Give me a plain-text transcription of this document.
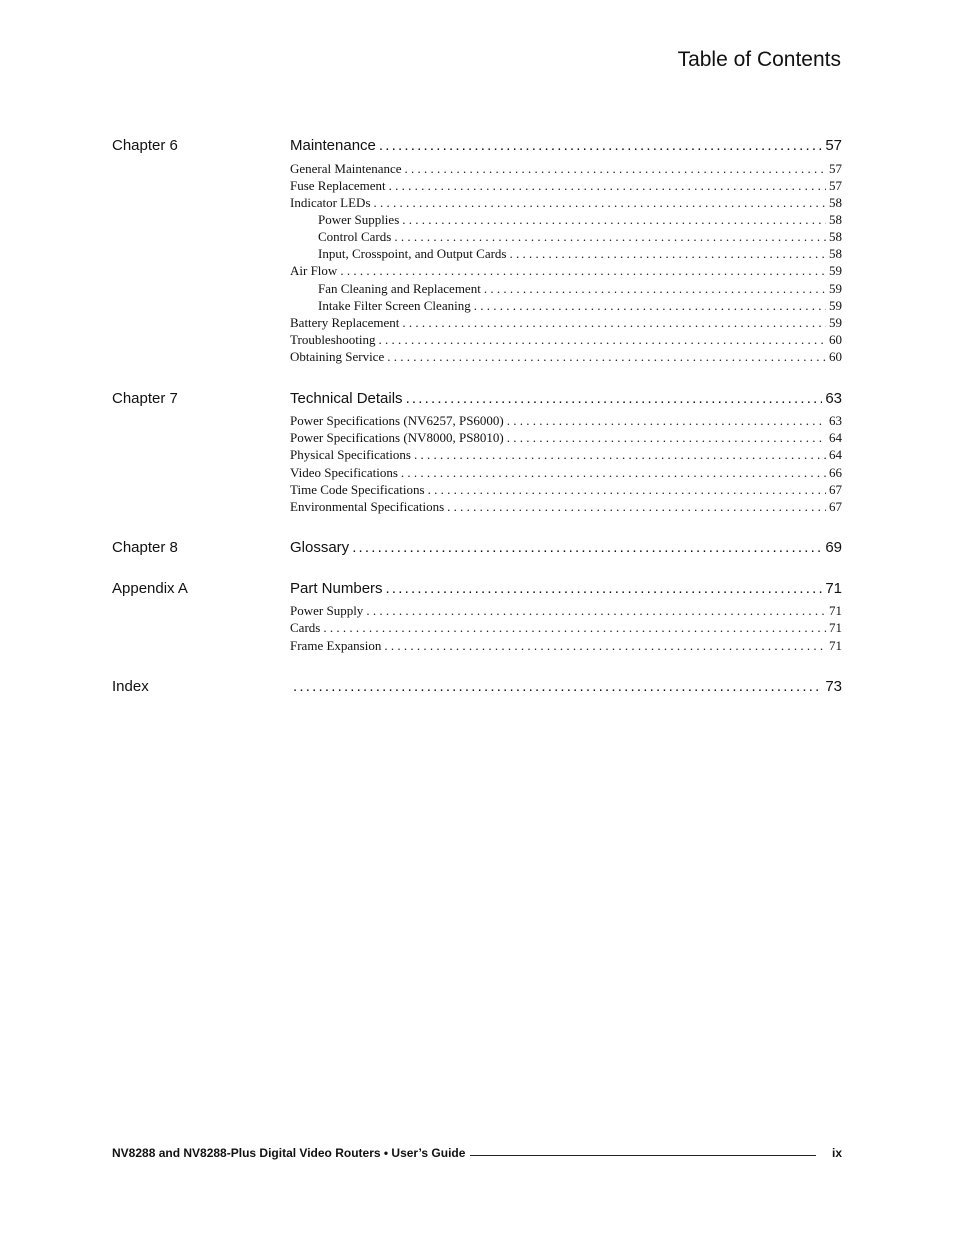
Table of Contents
Chapter 6	Maintenance .....	57
General Maintenance . . .	57
Fuse Replacement . . .	57
Indicator LEDs . . .	58
Power Supplies . . .	58
Control Cards . . .	58
Input, Crosspoint, and Output Cards . . .	58
Air Flow . . .	59
Fan Cleaning and Replacement . . .	59
Intake Filter Screen Cleaning . . .	59
Battery Replacement . . .	59
Troubleshooting . . .	60
Obtaining Service . . .	60
Chapter 7	Technical Details .....	63
Power Specifications (NV6257, PS6000) . . .	63
Power Specifications (NV8000, PS8010) . . .	64
Physical Specifications . . .	64
Video Specifications . . .	66
Time Code Specifications . . .	67
Environmental Specifications . . .	67
Chapter 8	Glossary .....	69
Appendix A	Part Numbers .....	71
Power Supply . . .	71
Cards . . .	71
Frame Expansion . . .	71
Index .....	73
NV8288 and NV8288-Plus Digital Video Routers • User’s Guide	ix
